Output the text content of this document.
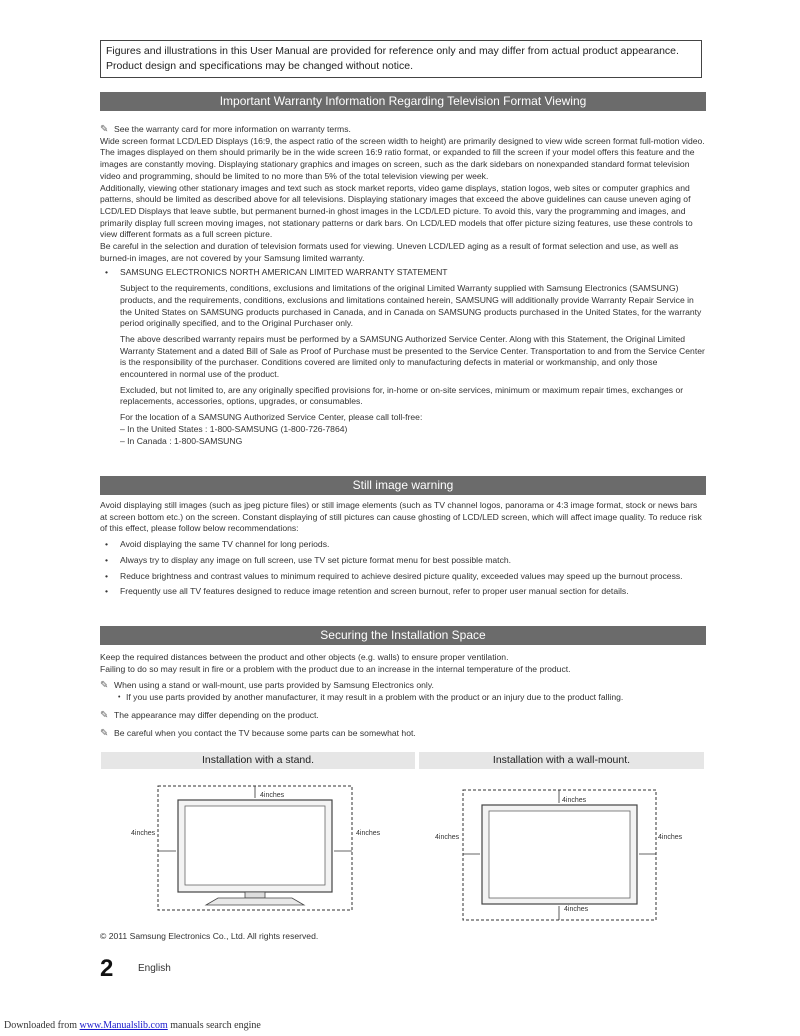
Figures and illustrations in this User Manual are provided for reference only and may differ from actual product appearance. Product design and specifications may be changed without notice.
Important Warranty Information Regarding Television Format Viewing

✎ See the warranty card for more information on warranty terms.

Wide screen format LCD/LED Displays (16:9, the aspect ratio of the screen width to height) are primarily designed to view wide screen format full-motion video. The images displayed on them should primarily be in the wide screen 16:9 ratio format, or expanded to fill the screen if your model offers this feature and the images are constantly moving. Displaying stationary graphics and images on screen, such as the dark sidebars on nonexpanded standard format television video and programming, should be limited to no more than 5% of the total television viewing per week.

Additionally, viewing other stationary images and text such as stock market reports, video game displays, station logos, web sites or computer graphics and patterns, should be limited as described above for all televisions. Displaying stationary images that exceed the above guidelines can cause uneven aging of LCD/LED Displays that leave subtle, but permanent burned-in ghost images in the LCD/LED picture. To avoid this, vary the programming and images, and primarily display full screen moving images, not stationary patterns or dark bars. On LCD/LED models that offer picture sizing features, use these controls to view different formats as a full screen picture.

Be careful in the selection and duration of television formats used for viewing. Uneven LCD/LED aging as a result of format selection and use, as well as burned-in images, are not covered by your Samsung limited warranty.

• SAMSUNG ELECTRONICS NORTH AMERICAN LIMITED WARRANTY STATEMENT

Subject to the requirements, conditions, exclusions and limitations of the original Limited Warranty supplied with Samsung Electronics (SAMSUNG) products, and the requirements, conditions, exclusions and limitations contained herein, SAMSUNG will additionally provide Warranty Repair Service in the United States on SAMSUNG products purchased in Canada, and in Canada on SAMSUNG products purchased in the United States, for the warranty period originally specified, and to the Original Purchaser only.

The above described warranty repairs must be performed by a SAMSUNG Authorized Service Center. Along with this Statement, the Original Limited Warranty Statement and a dated Bill of Sale as Proof of Purchase must be presented to the Service Center. Transportation to and from the Service Center is the responsibility of the purchaser. Conditions covered are limited only to manufacturing defects in material or workmanship, and only those encountered in normal use of the product.

Excluded, but not limited to, are any originally specified provisions for, in-home or on-site services, minimum or maximum repair times, exchanges or replacements, accessories, options, upgrades, or consumables.

For the location of a SAMSUNG Authorized Service Center, please call toll-free:

– In the United States : 1-800-SAMSUNG (1-800-726-7864)

– In Canada : 1-800-SAMSUNG

Still image warning

Avoid displaying still images (such as jpeg picture files) or still image elements (such as TV channel logos, panorama or 4:3 image format, stock or news bars at screen bottom etc.) on the screen. Constant displaying of still pictures can cause ghosting of LCD/LED screen, which will affect image quality. To reduce risk of this effect, please follow below recommendations:

• Avoid displaying the same TV channel for long periods.

• Always try to display any image on full screen, use TV set picture format menu for best possible match.

• Reduce brightness and contrast values to minimum required to achieve desired picture quality, exceeded values may speed up the burnout process.

• Frequently use all TV features designed to reduce image retention and screen burnout, refer to proper user manual section for details.

Securing the Installation Space

Keep the required distances between the product and other objects (e.g. walls) to ensure proper ventilation.

Failing to do so may result in fire or a problem with the product due to an increase in the internal temperature of the product.

✎ When using a stand or wall-mount, use parts provided by Samsung Electronics only.

• If you use parts provided by another manufacturer, it may result in a problem with the product or an injury due to the product falling.

✎ The appearance may differ depending on the product.

✎ Be careful when you contact the TV because some parts can be somewhat hot.

Installation with a stand.	Installation with a wall-mount.
4inches
4inches	4inches
4inches
4inches	4inches
4inches
© 2011 Samsung Electronics Co., Ltd. All rights reserved.
2 English
Downloaded from www.Manualslib.com manuals search engine
